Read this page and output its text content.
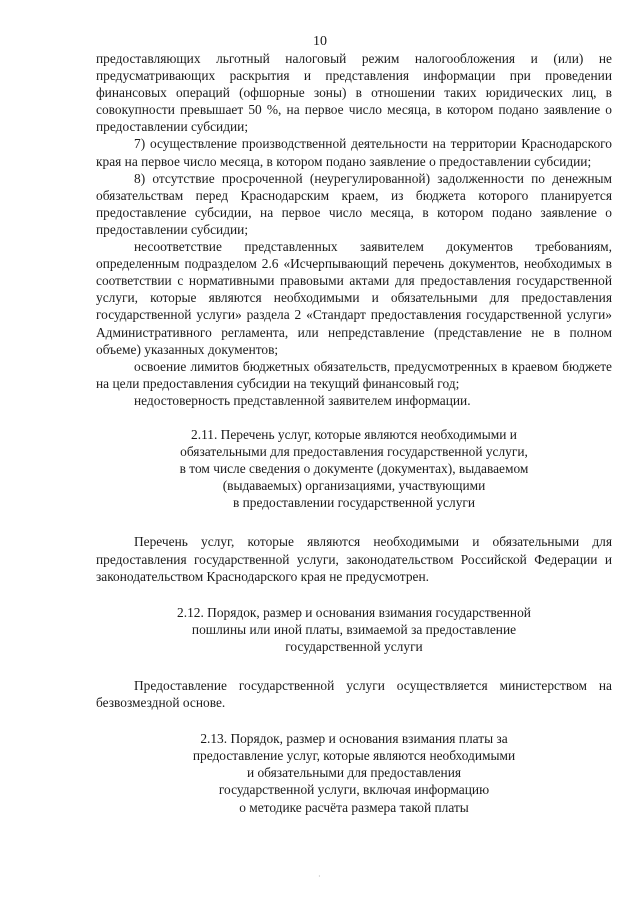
10

предоставляющих льготный налоговый режим налогообложения и (или) не предусматривающих раскрытия и представления информации при проведении финансовых операций (офшорные зоны) в отношении таких юридических лиц, в совокупности превышает 50 %, на первое число месяца, в котором подано заявление о предоставлении субсидии;

7) осуществление производственной деятельности на территории Краснодарского края на первое число месяца, в котором подано заявление о предоставлении субсидии;

8) отсутствие просроченной (неурегулированной) задолженности по денежным обязательствам перед Краснодарским краем, из бюджета которого планируется предоставление субсидии, на первое число месяца, в котором подано заявление о предоставлении субсидии;

несоответствие представленных заявителем документов требованиям, определенным подразделом 2.6 «Исчерпывающий перечень документов, необходимых в соответствии с нормативными правовыми актами для предоставления государственной услуги, которые являются необходимыми и обязательными для предоставления государственной услуги» раздела 2 «Стандарт предоставления государственной услуги» Административного регламента, или непредставление (представление не в полном объеме) указанных документов;

освоение лимитов бюджетных обязательств, предусмотренных в краевом бюджете на цели предоставления субсидии на текущий финансовый год;

недостоверность представленной заявителем информации.

2.11. Перечень услуг, которые являются необходимыми и
обязательными для предоставления государственной услуги,
в том числе сведения о документе (документах), выдаваемом
(выдаваемых) организациями, участвующими
в предоставлении государственной услуги

Перечень услуг, которые являются необходимыми и обязательными для предоставления государственной услуги, законодательством Российской Федерации и законодательством Краснодарского края не предусмотрен.

2.12. Порядок, размер и основания взимания государственной
пошлины или иной платы, взимаемой за предоставление
государственной услуги

Предоставление государственной услуги осуществляется министерством на безвозмездной основе.

2.13. Порядок, размер и основания взимания платы за
предоставление услуг, которые являются необходимыми
и обязательными для предоставления
государственной услуги, включая информацию
о методике расчёта размера такой платы

·
